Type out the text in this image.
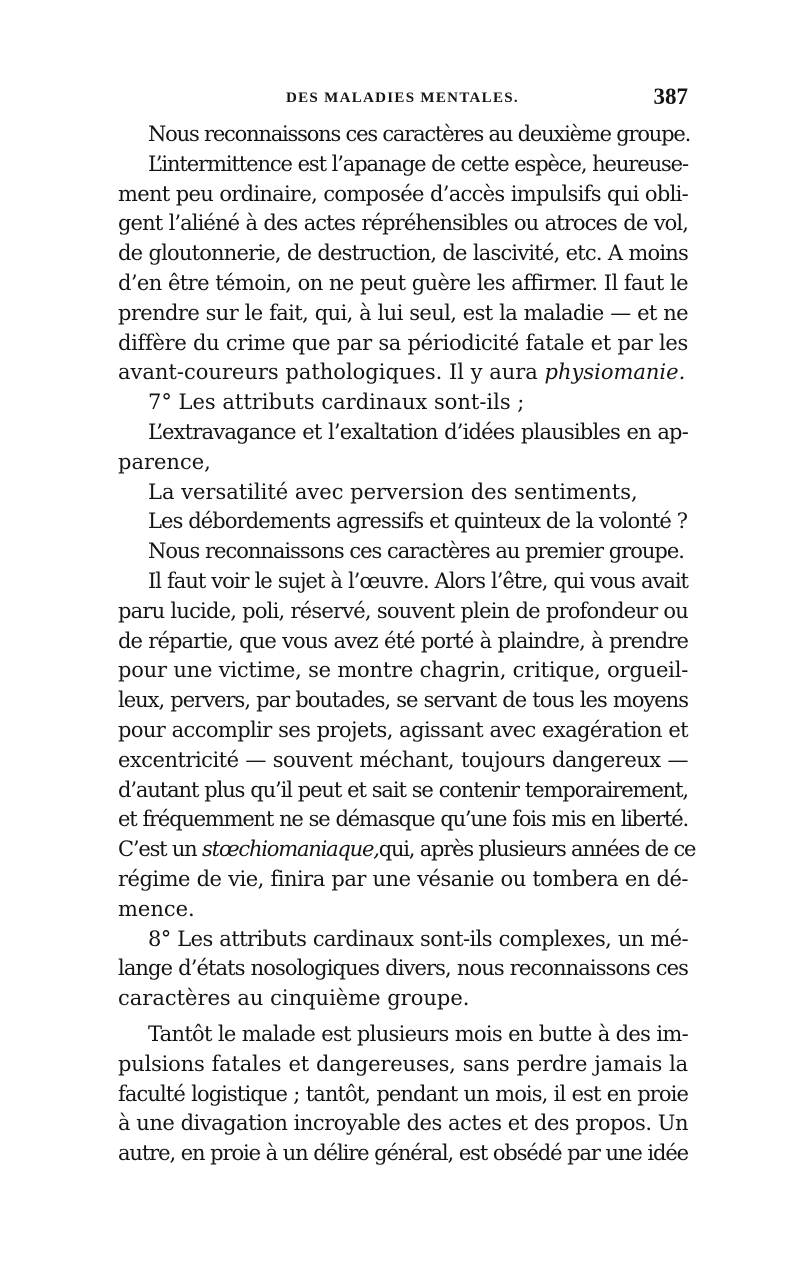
DES MALADIES MENTALES.	387
Nous reconnaissons ces caractères au deuxième groupe.
L’intermittence est l’apanage de cette espèce, heureuse-
ment peu ordinaire, composée d’accès impulsifs qui obli-
gent l’aliéné à des actes répréhensibles ou atroces de vol,
de gloutonnerie, de destruction, de lascivité, etc. A moins
d’en être témoin, on ne peut guère les affirmer. Il faut le
prendre sur le fait, qui, à lui seul, est la maladie — et ne
diffère du crime que par sa périodicité fatale et par les
avant-coureurs pathologiques. Il y aura physiomanie.
7° Les attributs cardinaux sont-ils ;
L’extravagance et l’exaltation d’idées plausibles en ap-
parence,
La versatilité avec perversion des sentiments,
Les débordements agressifs et quinteux de la volonté ?
Nous reconnaissons ces caractères au premier groupe.
Il faut voir le sujet à l’œuvre. Alors l’être, qui vous avait
paru lucide, poli, réservé, souvent plein de profondeur ou
de répartie, que vous avez été porté à plaindre, à prendre
pour une victime, se montre chagrin, critique, orgueil-
leux, pervers, par boutades, se servant de tous les moyens
pour accomplir ses projets, agissant avec exagération et
excentricité — souvent méchant, toujours dangereux —
d’autant plus qu’il peut et sait se contenir temporairement,
et fréquemment ne se démasque qu’une fois mis en liberté.
C’est un stœchiomaniaque,qui, après plusieurs années de ce
régime de vie, finira par une vésanie ou tombera en dé-
mence.
8° Les attributs cardinaux sont-ils complexes, un mé-
lange d’états nosologiques divers, nous reconnaissons ces
caractères au cinquième groupe.
Tantôt le malade est plusieurs mois en butte à des im-
pulsions fatales et dangereuses, sans perdre jamais la
faculté logistique ; tantôt, pendant un mois, il est en proie
à une divagation incroyable des actes et des propos. Un
autre, en proie à un délire général, est obsédé par une idée
